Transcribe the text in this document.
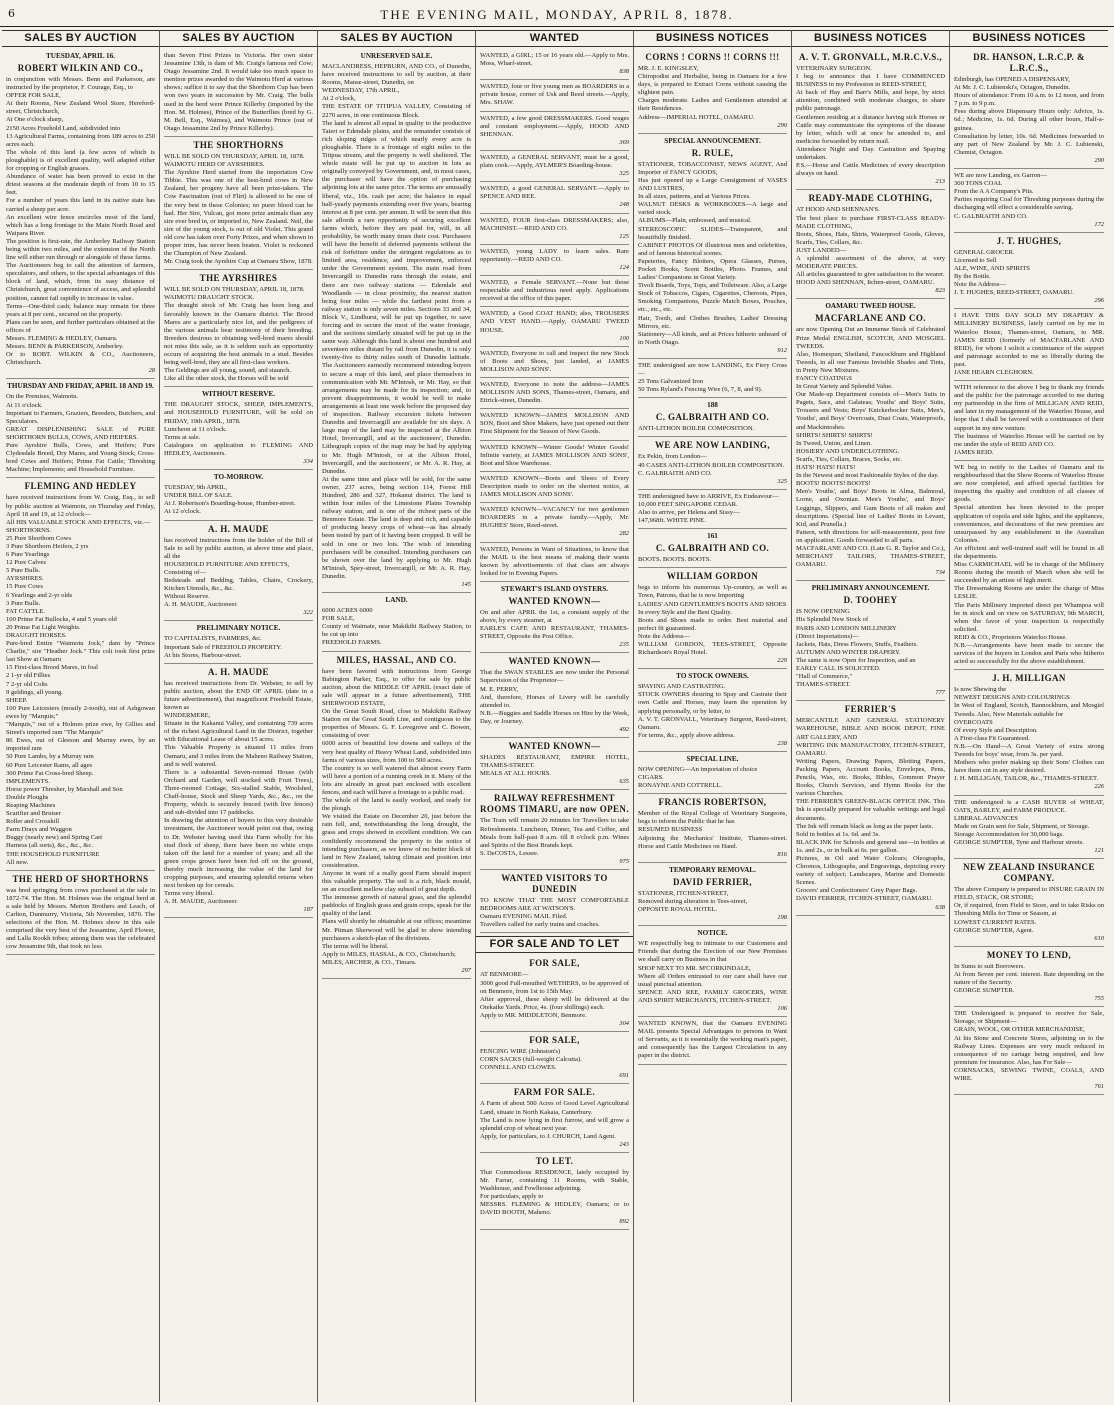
6	THE EVENING MAIL, MONDAY, APRIL 8, 1878.
SALES BY AUCTION
TUESDAY, APRIL 16.
ROBERT WILKIN AND CO.,
in conjunction with Messrs. Benn and Parkerson, are instructed by the proprietor, F. Courage, Esq., to
OFFER FOR SALE,
At their Rooms, New Zealand Wool Store, Hereford-street, Christchurch,
At One o'clock sharp,
2150 Acres Freehold Land, subdivided into
13 Agricultural Farms, containing from 189 acres to 250 acres each.
The whole of this land (a few acres of which is ploughable) is of excellent quality, well adapted either for cropping or English grasses.
Abundance of water has been proved to exist in the driest seasons at the moderate depth of from 10 to 15 feet.
For a number of years this land in its native state has carried a sheep per acre.
An excellent wire fence encircles most of the land, which has a long frontage to the Main North Road and Waipara River.
The position is first-rate, the Amberley Railway Station being within two miles, and the extension of the North line will either run through or alongside of these farms.
The Auctioneers beg to call the attention of farmers, speculators, and others, to the special advantages of this block of land, which, from its easy distance of Christchurch, great convenience of access, and splendid position, cannot fail rapidly to increase in value.
Terms—One-third cash; balance may remain for three years at 8 per cent., secured on the property.
Plans can be seen, and further particulars obtained at the offices of
Messrs. FLEMING & HEDLEY, Oamaru.
Messrs. BENN & PARKERSON, Amberley.
Or to ROBT. WILKIN & CO., Auctioneers, Christchurch.
28
THURSDAY AND FRIDAY, APRIL 18 AND 19.
On the Premises, Waimotu.
At 11 o'clock.
Important to Farmers, Graziers, Breeders, Butchers, and Speculators.
GREAT DISPLENISHING SALE of PURE SHORTHORN BULLS, COWS, AND HEIFERS.
Pure Ayrshire Bulls, Cows, and Heifers; Pure Clydesdale Breed, Dry Mares, and Young Stock; Cross-bred Cows and Heifers; Prime Fat Cattle; Threshing Machine; Implements; and Household Furniture.
FLEMING AND HEDLEY
have received instructions from W. Craig, Esq., to sell by public auction at Waimotu, on Thursday and Friday, April 18 and 19, at 12 o'clock—
All HIS VALUABLE STOCK AND EFFECTS, viz.—
SHORTHORNS.
25 Pure Shorthorn Cows
3 Pure Shorthorn Heifers, 2 yrs
6 Pure Yearlings
12 Pure Calves
5 Pure Bulls.
AYRSHIRES.
15 Pure Cows
6 Yearlings and 2-yr olds
3 Pure Bulls.
FAT CATTLE.
100 Prime Fat Bullocks, 4 and 5 years old
20 Prime Fat Light Weights.
DRAUGHT HORSES.
Pure-bred Entire "Waimotu Jock," dam by "Prince Charlie," sire "Heather Jock." This colt took first prize last Show at Oamaru
15 First-class Brood Mares, in foal
2 1-yr old Fillies
7 2-yr old Colts
9 geldings, all young.
SHEEP.
100 Pure Leicesters (mostly 2-tooth), out of Ashgowan ewes by "Marquis;"
"Marquis," out of a Holmes prize ewe, by Gillies and Street's imported ram "The Marquis"
86 Ewes, out of Gleeson and Murray ewes, by an imported ram
50 Pure Lambs, by a Murray ram
60 Pure Leicester Rams, all ages
300 Prime Fat Cross-bred Sheep.
IMPLEMENTS.
Horse power Thresher, by Marshall and Son
Double Ploughs
Reaping Machines
Scarifier and Bruiser
Roller and Crosskill
Farm Drays and Waggon
Buggy (nearly new) and Spring Cart
Harness (all sorts), &c., &c., &c.
THE HOUSEHOLD FURNITURE
All new.
THE HERD OF SHORTHORNS
was bred springing from cows purchased at the sale in 1872-74. The Hon. M. Holmes was the original herd at a sale held by Messrs. Merton Brothers and Leach, of Carlton, Dunmurry, Victoria, 5th November, 1870. The selections of the Hon. M. Holmes show in this sale comprised the very best of the Jessamine, April Flower, and Lalla Rookh tribes; among them was the celebrated cow Jessamine 9th, that took no less
SALES BY AUCTION
than Seven First Prizes in Victoria. Her own sister Jessamine 13th, is dam of Mr. Craig's famous red Cow; Otago Jessamine 2nd. It would take too much space to mention prizes awarded to the Waimotu Herd at various shows; suffice it to say that the Shorthorn Cup has been won two years in succession by Mr. Craig. The bulls used in the herd were Prince Killerby (imported by the Hon. M. Holmes), Prince of the Butterflies (bred by G. M. Bell, Esq., Waimea), and Waimotu Prince (out of Otago Jessamine 2nd by Prince Killerby).
THE SHORTHORNS
WILL BE SOLD ON THURSDAY, APRIL 18, 1878.
WAIMOTU HERD OF AYRSHIRES.
The Ayrshire Herd started from the importation Cow Tibbie. This was one of the best-bred cows in New Zealand, her progeny have all been prize-takers. The Cow Fascination (out of Flirt) is allowed to be one of the very best in these Colonies; no purer blood can be had. Her Sire, Vulcan, got more prize animals than any sire ever bred in, or imported to, New Zealand. Neil, the sire of the young stock, is out of old Violet. This grand old cow has taken over Forty Prizes, and when shown in proper trim, has never been beaten. Violet is reckoned the Champion of New Zealand.
Mr. Craig took the Ayrshire Cup at Oamaru Show, 1878.
THE AYRSHIRES
WILL BE SOLD ON THURSDAY, APRIL 18, 1878.
WAIMOTU DRAUGHT STOCK.
The draught stock of Mr. Craig has been long and favorably known in the Oamaru district. The Brood Mares are a particularly nice lot, and the pedigrees of the various animals bear testimony of their breeding. Breeders desirous to obtaining well-bred mares should not miss this sale, as it is seldom such an opportunity occurs of acquiring the best animals in a stud. Besides being well-bred, they are all first-class workers.
The Geldings are all young, sound, and staunch.
Like all the other stock, the Horses will be sold
WITHOUT RESERVE.
THE DRAUGHT STOCK, SHEEP, IMPLEMENTS, and HOUSEHOLD FURNITURE, will be sold on FRIDAY, 19th APRIL, 1878.
Luncheon at 11 o'clock.
Terms at sale.
Catalogues on application to FLEMING AND HEDLEY, Auctioneers.
334
TO-MORROW.
TUESDAY, 9th APRIL,
UNDER BILL OF SALE.
At J. Robertson's Boarding-house, Humber-street.
At 12 o'clock.
A. H. MAUDE
has received instructions from the holder of the Bill of Sale to sell by public auction, at above time and place, all the
HOUSEHOLD FURNITURE AND EFFECTS,
Consisting of—
Bedsteads and Bedding, Tables, Chairs, Crockery, Kitchen Utensils, &c., &c.
Without Reserve.
A. H. MAUDE, Auctioneer.
322
PRELIMINARY NOTICE.
TO CAPITALISTS, FARMERS, &c.
Important Sale of FREEHOLD PROPERTY.
At his Stores, Harbour-street.
A. H. MAUDE
has received instructions from Dr. Webster, to sell by public auction, about the END OF APRIL (date in a future advertisement), that magnificent Freehold Estate, known as
WINDERMERE,
Situate in the Kakanui Valley, and containing 739 acres of the richest Agricultural Land in the District, together with Educational Lease of about 15 acres.
This Valuable Property is situated 11 miles from Oamaru, and 3 miles from the Maheno Railway Station, and is well watered.
There is a substantial Seven-roomed House (with Orchard and Garden, well stocked with Fruit Trees), Three-roomed Cottage, Six-stalled Stable, Woolshed, Chaff-house, Stock and Sheep Yards, &c., &c., on the Property, which is securely fenced (with live fences) and sub-divided into 17 paddocks.
In drawing the attention of buyers to this very desirable investment, the Auctioneer would point out that, owing to Dr. Webster having used this Farm wholly for his stud flock of sheep, there have been no white crops taken off the land for a number of years; and all the green crops grown have been fed off on the ground, thereby much increasing the value of the land for cropping purposes, and ensuring splendid returns when next broken up for cereals.
Terms very liberal.
A. H. MAUDE, Auctioneer.
187
SALES BY AUCTION
UNRESERVED SALE.
MACLANDRESS, HEPBURN, AND CO., of Dunedin, have received instructions to sell by auction, at their Rooms, Manse-street, Dunedin, on
WEDNESDAY, 17th APRIL,
At 2 o'clock,
THE ESTATE OF TITIPUA VALLEY, Consisting of 2270 acres, in one continuous Block.
The land is almost all equal in quality to the productive Taieri or Edendale plains, and the remainder consists of rich sloping ridges of which nearly every acre is ploughable. There is a frontage of eight miles to the Titipua stream, and the property is well sheltered. The whole estate will be put up to auction in lots as originally conveyed by Government, and, in most cases, the purchaser will have the option of purchasing adjoining lots at the same price. The terms are unusually liberal, viz., 10s. cash per acre; the balance in equal half-yearly payments extending over five years, bearing interest at 8 per cent. per annum. It will be seen that this sale affords a rare opportunity of securing excellent farms which, before they are paid for, will, in all probability, be worth many times their cost. Purchasers will have the benefit of deferred payments without the risk of forfeiture under the stringent regulations as to limited area, residence, and improvement, enforced under the Government system. The main road from Invercargill to Dunedin runs through the estate, and there are two railway stations — Edendale and Woodlands — in close proximity, the nearest station being four miles — while the farthest point from a railway station is only seven miles. Sections 33 and 34, Block V., Lindhurst, will be put up together, to save forcing and to secure the most of the water frontage, and the sections similarly situated will be put up in the same way. Although this land is about one hundred and seventeen miles distant by rail from Dunedin, it is only twenty-five to thirty miles south of Dunedin latitude. The Auctioneers earnestly recommend intending buyers to secure a map of this land, and place themselves in communication with Mr. M'Intosh, or Mr. Hay, so that arrangements may be made for its inspection; and, to prevent disappointments, it would be well to make arrangements at least one week before the proposed day of inspection. Railway excursion tickets between Dunedin and Invercargill are available for six days. A large map of the land may be inspected at the Albion Hotel, Invercargill, and at the auctioneers', Dunedin. Lithograph copies of the map may be had by applying to Mr. Hugh M'Intosh, or at the Albion Hotel, Invercargill, and the auctioneers', or Mr. A. R. Hay, at Dunedin.
At the same time and place will be sold, for the same owner, 237 acres, being section 114, Forest Hill Hundred, 286 and 327, Hokanui district. The land is within four miles of the Limestone Plains Township railway station, and is one of the richest parts of the Benmore Estate. The land is deep and rich, and capable of producing heavy crops of wheat—as has already been tested by part of it having been cropped. It will be sold in one or two lots. The wish of intending purchasers will be consulted. Intending purchasers can be shown over the land by applying to Mr. Hugh M'Intosh, Spey-street, Invercargill, or Mr. A. R. Hay, Dunedin.
145
LAND.
6000 ACRES 6000
FOR SALE,
County of Waimate, near Makikihi Railway Station, to be cut up into
FREEHOLD FARMS.
MILES, HASSAL, AND CO.
have been favored with instructions from George Babington Parker, Esq., to offer for sale by public auction, about the MIDDLE OF APRIL (exact date of sale will appear in a future advertisement), THE SHERWOOD ESTATE,
On the Great South Road, close to Makikihi Railway Station on the Great South Line, and contiguous to the properties of Messrs. G. F. Lovegrove and C. Bowen, consisting of over
6000 acres of beautiful low downs and valleys of the very best quality of Heavy Wheat Land, subdivided into farms of various sizes, from 100 to 500 acres.
The country is so well watered that almost every Farm will have a portion of a running creek in it. Many of the lots are already in great part enclosed with excellent fences, and each will have a frontage to a public road.
The whole of the land is easily worked, and ready for the plough.
We visited the Estate on December 20, just before the rain fell, and, notwithstanding the long drought, the grass and crops showed in excellent condition. We can confidently recommend the property to the notice of intending purchasers, as we know of no better block of land in New Zealand, taking climate and position into consideration.
Anyone in want of a really good Farm should inspect this valuable property. The soil is a rich, black mould, on an excellent mellow clay subsoil of great depth.
The immense growth of natural grass, and the splendid paddocks of English grass and grain crops, speak for the quality of the land.
Plans will shortly be obtainable at our offices; meantime Mr. Pitman Sherwood will be glad to show intending purchasers a sketch-plan of the divisions.
The terms will be liberal.
Apply to MILES, HASSAL, & CO., Christchurch;
MILES, ARCHER, & CO., Timaru.
297
WANTED
WANTED, a GIRL; 15 or 16 years old.—Apply to Mrs. Moss, Wharf-street.
838
WANTED, four or five young men as BOARDERS in a private house, corner of Usk and Reed streets.—Apply, Mrs. SHAW.
WANTED, a few good DRESSMAKERS. Good wages and constant employment.—Apply, HOOD AND SHENNAN.
369
WANTED, a GENERAL SERVANT; must be a good, plain cook.—Apply, AYLMER'S Boarding-house.
325
WANTED, a good GENERAL SERVANT.—Apply to SPENCE AND REE.
248
WANTED, FOUR first-class DRESSMAKERS; also, MACHINIST.—REID AND CO.
125
WANTED, young LADY to learn sales. Rare opportunity.—REID AND CO.
124
WANTED, a Female SERVANT.—None but those respectable and industrious need apply. Applications received at the office of this paper.
WANTED, a Good COAT HAND; also, TROUSERS AND VEST HAND.—Apply, OAMARU TWEED HOUSE.
100
WANTED, Everyone to call and inspect the new Stock of Boots and Shoes, just landed, at JAMES MOLLISON AND SONS'.
WANTED, Everyone to note the address—JAMES MOLLISON AND SONS, Thames-street, Oamaru, and Ettrick-street, Dunedin.
WANTED KNOWN—JAMES MOLLISON AND SON, Boot and Shoe Makers, have just opened out their First Shipment for the Season of New Goods.
WANTED KNOWN—Winter Goods! Winter Goods! Infinite variety, at JAMES MOLLISON AND SONS', Boot and Shoe Warehouse.
WANTED KNOWN—Boots and Shoes of Every Description made to order on the shortest notice, at JAMES MOLLISON AND SONS'.
WANTED KNOWN—VACANCY for two gentlemen BOARDERS in a private family.—Apply, Mr. HUGHES' Store, Reed-street.
282
WANTED, Persons in Want of Situations, to know that the MAIL is the best means of making their wants known by advertisements of that class are always looked for in Evening Papers.
STEWART'S ISLAND OYSTERS.
WANTED KNOWN—
On and after APRIL the 1st, a constant supply of the above, by every steamer, at
EARLE'S CAFE AND RESTAURANT, THAMES-STREET, Opposite the Post Office.
235
WANTED KNOWN—
That the SWAN STABLES are now under the Personal Supervision of the Proprietor—
M. E. PERRY,
And, therefore, Horses of Livery will be carefully attended to.
N.B.—Buggies and Saddle Horses on Hire by the Week, Day, or Journey.
492
WANTED KNOWN—
SHADES RESTAURANT, EMPIRE HOTEL, THAMES-STREET.
MEALS AT ALL HOURS.
635
RAILWAY REFRESHMENT ROOMS TIMARU, are now OPEN.
The Train will remain 20 minutes for Travellers to take Refreshments. Luncheon, Dinner, Tea and Coffee, and Meals from half-past 8 a.m. till 8 o'clock p.m. Wines and Spirits of the Best Brands kept.
S. DeCOSTA, Lessee.
975
WANTED VISITORS TO DUNEDIN
TO KNOW THAT THE MOST COMFORTABLE BEDROOMS ARE AT WATSON'S.
Oamaru EVENING MAIL Filed.
Travellers called for early trains and coaches.
FOR SALE AND TO LET
FOR SALE,
AT BENMORE—
3000 good Full-mouthed WETHERS, to be approved of on Benmore, from 1st to 15th May.
After approval, these sheep will be delivered at the Otekaike Yards. Price, 4s. (four shillings) each.
Apply to MR. MIDDLETON, Benmore.
304
FOR SALE,
FENCING WIRE (Johnston's)
CORN SACKS (full-weight Calcutta).
CONNELL AND CLOWES.
691
FARM FOR SALE.
A Farm of about 500 Acres of Good Level Agricultural Land, situate in North Kakaia, Canterbury.
The Land is now lying in first furrow, and will grow a splendid crop of wheat next year.
Apply, for particulars, to J. CHURCH, Land Agent.
243
TO LET.
That Commodious RESIDENCE, lately occupied by Mr. Farrar, containing 11 Rooms, with Stable, Washhouse, and Fowlhouse adjoining.
For particulars, apply to
MESSRS. FLEMING & HEDLEY, Oamaru; or to DAVID BOOTH, Maheno.
892
BUSINESS NOTICES
CORNS ! CORNS !! CORNS !!!
MR. J. E. KINGSLEY,
Chiropodist and Herbalist, being in Oamaru for a few days, is prepared to Extract Corns without causing the slightest pain.
Charges moderate. Ladies and Gentlemen attended at their Residences.
Address—IMPERIAL HOTEL, OAMARU.
290
SPECIAL ANNOUNCEMENT.
R. RULE,
STATIONER, TOBACCONIST, NEWS AGENT, And Importer of FANCY GOODS,
Has just opened up a Large Consignment of VASES AND LUSTRES,
In all sizes, patterns, and at Various Prices.
WALNUT DESKS & WORKBOXES—A large and varied stock.
ALBUMS—Plain, embossed, and musical.
STEREOSCOPIC SLIDES—Transparent, and beautifully finished.
CABINET PHOTOS Of illustrious men and celebrities, and of famous historical scenes.
Papeteries, Fancy Blotters, Opera Glasses, Purses, Pocket Books, Scent Bottles, Photo. Frames, and Ladies' Companions in Great Variety.
Tivoli Boards, Toys, Tops, and Toiletware. Also, a Large Stock of Tobaccos, Cigars, Cigarettes, Cheroots, Pipes, Smoking Companions, Puzzle Match Boxes, Pouches, etc., etc., etc.
Hair, Tooth, and Clothes Brushes, Ladies' Dressing Mirrors, etc.
Stationery—All kinds, and at Prices hitherto unheard of in North Otago.
912
THE undersigned are now LANDING, Ex Fiery Cross—
25 Tons Galvanized Iron
50 Tons Ryland's Fencing Wire (6, 7, 8, and 9).
188
C. GALBRAITH AND CO.
ANTI-LITHON BOILER COMPOSITION.
WE ARE NOW LANDING,
Ex Pekin, from London—
49 CASES ANTI-LITHON BOILER COMPOSITION.
C. GALBRAITH AND CO.
325
THE undersigned have to ARRIVE, Ex Endeavour—
10,000 FEET SINGAPORE CEDAR.
Also to arrive, per Helena and Sissy—
147,968ft. WHITE PINE.
161
C. GALBRAITH AND CO.
BOOTS. BOOTS. BOOTS.
WILLIAM GORDON
begs to inform his numerous Up-country, as well as Town, Patrons, that he is now Importing
LADIES' AND GENTLEMEN'S BOOTS AND SHOES
In every Style and the Best Quality.
Boots and Shoes made to order. Best material and perfect fit guaranteed.
Note the Address—
WILLIAM GORDON, TEES-STREET, Opposite Richardson's Royal Hotel.
229
TO STOCK OWNERS.
SPAYING AND CASTRATING.
STOCK OWNERS desiring to Spay and Castrate their own Cattle and Horses, may learn the operation by applying personally, or by letter, to
A. V. T. GRONVALL, Veterinary Surgeon, Reed-street, Oamaru.
For terms, &c., apply above address.
238
SPECIAL LINE.
NOW OPENING—An importation of choice
CIGARS.
RONAYNE AND COTTRELL.
FRANCIS ROBERTSON,
Member of the Royal College of Veterinary Surgeons, begs to inform the Public that he has
RESUMED BUSINESS
Adjoining the Mechanics' Institute, Thames-street. Horse and Cattle Medicines on Hand.
816
TEMPORARY REMOVAL.
DAVID FERRIER,
STATIONER, ITCHEN-STREET,
Removed during alteration to Tees-street,
OPPOSITE ROYAL HOTEL.
198
NOTICE.
WE respectfully beg to intimate to our Customers and Friends that during the Erection of our New Premises we shall carry on Business in that
SHOP NEXT TO MR. M'CORKINDALE,
Where all Orders entrusted to our care shall have our usual punctual attention.
SPENCE AND REE, FAMILY GROCERS, WINE AND SPIRIT MERCHANTS, ITCHEN-STREET.
106
WANTED KNOWN, that the Oamaru EVENING MAIL presents Special Advantages to persons in Want of Servants, as it is essentially the working man's paper, and consequently has the Largest Circulation in any paper in the district.
BUSINESS NOTICES
A. V. T. GRONVALL, M.R.C.V.S.,
VETERINARY SURGEON.
I beg to announce that I have COMMENCED BUSINESS in my Profession in REED-STREET,
At back of Hay and Barr's Mills, and hope, by strict attention, combined with moderate charges, to share public patronage.
Gentlemen residing at a distance having sick Horses or Cattle may communicate the symptoms of the disease by letter, which will at once be attended to, and medicine forwarded by return mail.
Attendance Night and Day. Castration and Spaying undertaken.
P.S.—Horse and Cattle Medicines of every description always on hand.
213
READY-MADE CLOTHING,
AT HOOD AND SHENNAN'S.
The best place to purchase FIRST-CLASS READY-MADE CLOTHING,
Boots, Shoes, Hats, Shirts, Waterproof Goods, Gloves, Scarfs, Ties, Collars, &c.
JUST LANDED—
A splendid assortment of the above, at very MODERATE PRICES.
All articles guaranteed to give satisfaction to the wearer.
HOOD AND SHENNAN, Itchen-street, OAMARU.
823
OAMARU TWEED HOUSE.
MACFARLANE AND CO.
are now Opening Out an Immense Stock of Celebrated Prize Medal ENGLISH, SCOTCH, AND MOSGIEL TWEEDS.
Also, Homespun, Shetland, Fancockburn and Highland Tweeds, in all our Famous Invisible Shades and Tints, in Pretty New Mixtures.
FANCY COATINGS
In Great Variety and Splendid Value.
Our Made-up Department consists of—Men's Suits in Pagets, Sacs, and Galateas; Youths' and Boys' Suits, Trousers and Vests; Boys' Knickerbocker Suits, Men's, Youths', and Boys' Overcoats, Dust Coats, Waterproofs, and Mackintoshes.
SHIRTS! SHIRTS! SHIRTS!
In Tweed, Union, and Linen.
HOSIERY AND UNDERCLOTHING.
Scarfs, Ties, Collars, Braces, Socks, etc.
HATS! HATS! HATS!
In the Newest and most Fashionable Styles of the day.
BOOTS! BOOTS! BOOTS!
Men's Youths', and Boys' Boots in Alma, Balmoral, Lorne, and Oxonian. Men's Youths', and Boys' Leggings, Slippers, and Gum Boots of all makes and descriptions. (Special line of Ladies' Boots in Levant, Kid, and Prunella.)
Pattern, with directions for self-measurement, post free on application. Goods forwarded to all parts.
MACFARLANE AND CO. (Late G. R. Taylor and Co.), MERCHANT TAILORS, THAMES-STREET, OAMARU.
734
PRELIMINARY ANNOUNCEMENT.
D. TOOHEY
IS NOW OPENING
His Splendid New Stock of
PARIS AND LONDON MILLINERY
(Direct Importations)—
Jackets, Hats, Dress Flowers, Stuffs, Feathers.
AUTUMN AND WINTER DRAPERY.
The same is now Open for Inspection, and an
EARLY CALL IS SOLICITED.
"Hall of Commerce,"
THAMES-STREET.
777
FERRIER'S
MERCANTILE AND GENERAL STATIONERY WAREHOUSE, BIBLE AND BOOK DEPOT, FINE ART GALLERY, AND
WRITING INK MANUFACTORY, ITCHEN-STREET, OAMARU.
Writing Papers, Drawing Papers, Blotting Papers, Packing Papers, Account Books, Envelopes, Pens, Pencils, Wax, etc. Books, Bibles, Common Prayer Books, Church Services, and Hymn Books for the various Churches.
THE FERRIER'S GREEN-BLACK OFFICE INK. This Ink is specially prepared for valuable writings and legal documents.
The Ink will remain black as long as the paper lasts.
Sold in bottles at 1s. 6d. and 3s.
BLACK INK for Schools and general use—in bottles at 1s. and 2s., or in bulk at 6s. per gallon.
Pictures, in Oil and Water Colours; Oleographs, Chromos, Lithographs, and Engravings, depicting every variety of subject; Landscapes, Marine and Domestic Scenes.
Grocers' and Confectioners' Grey Paper Bags.
DAVID FERRIER, ITCHEN-STREET, OAMARU.
638
BUSINESS NOTICES
DR. HANSON, L.R.C.P. & L.R.C.S.,
Edinburgh, has OPENED A DISPENSARY,
At Mr. J. C. Lubienski's, Octagon, Dunedin.
Hours of attendance: From 10 a.m. to 12 noon, and from 7 p.m. to 9 p.m.
Fees during above Dispensary Hours only: Advice, 1s. 6d.; Medicine, 1s. 6d. During all other hours, Half-a-guinea.
Consultation by letter, 10s. 6d. Medicines forwarded to any part of New Zealand by Mr. J. C. Lubienski, Chemist, Octagon.
290
WE are now Landing, ex Garron—
300 TONS COAL
From the A A Company's Pits.
Parties requiring Coal for Threshing purposes during the discharging will effect a considerable saving.
C. GALBRAITH AND CO.
172
J. T. HUGHES,
GENERAL GROCER.
Licensed to Sell
ALE, WINE, AND SPIRITS
By the Bottle.
Note the Address—
J. T. HUGHES, REED-STREET, OAMARU.
296
I HAVE THIS DAY SOLD MY DRAPERY & MILLINERY BUSINESS, lately carried on by me in Waterloo House, Thames-street, Oamaru, to MR. JAMES REID (formerly of MACFARLANE AND REID), for whom I solicit a continuance of the support and patronage accorded to me so liberally during the past.
JANE HEARN CLEGHORN.
WITH reference to the above I beg to thank my friends and the public for the patronage accorded to me during my partnership in the firm of MILLIGAN AND REID, and later in my management of the Waterloo House, and hope that I shall be favored with a continuance of their support in my new venture.
The business of Waterloo House will be carried on by me under the style of REID AND CO.
JAMES REID.
WE beg to notify to the Ladies of Oamaru and its neighbourhood that the Show Rooms of Waterloo House are now completed, and afford special facilities for inspecting the quality and condition of all classes of goods.
Special attention has been devoted to the proper application of copola and side lights, and the appliances, conveniences, and decorations of the new premises are unsurpassed by any establishment in the Australian Colonies.
An efficient and well-trained staff will be found in all the departments.
Miss CARMICHAEL will be in charge of the Millinery Rooms during the month of March when she will be succeeded by an artiste of high merit.
The Dressmaking Rooms are under the charge of Miss LESLIE.
The Paris Millinery imported direct per Whampoa will be in stock and on view on SATURDAY, 9th MARCH, when the favor of your inspection is respectfully solicited.
REID & CO., Proprietors Waterloo House.
N.B.—Arrangements have been made to secure the services of the buyers in London and Paris who hitherto acted so successfully for the above establishment.
J. H. MILLIGAN
Is now Shewing the
NEWEST DESIGNS AND COLOURINGS
In West of England, Scotch, Bannockburn, and Mosgiel Tweeds. Also, New Materials suitable for
OVERCOATS
Of every Style and Description.
A First-class Fit Guaranteed.
N.B.—On Hand—A Great Variety of extra strong Tweeds for boys' wear, from 3s. per yard.
Mothers who prefer making up their Sons' Clothes can have them cut in any style desired.
J. H. MILLIGAN, TAILOR, &c., THAMES-STREET.
226
THE undersigned is a CASH BUYER of WHEAT, OATS, BARLEY, and FARM PRODUCE.
LIBERAL ADVANCES
Made on Grain sent for Sale, Shipment, or Storage.
Storage Accommodation for 30,000 bags.
GEORGE SUMPTER, Tyne and Harbour streets.
121
NEW ZEALAND INSURANCE COMPANY.
The above Company is prepared to INSURE GRAIN IN FIELD, STACK, OR STORE;
Or, if required, from Field to Store, and to take Risks on Threshing Mills for Time or Season, at
LOWEST CURRENT RATES.
GEORGE SUMPTER, Agent.
610
MONEY TO LEND,
In Sums to suit Borrowers.
At from Seven per cent. interest. Rate depending on the nature of the Security.
GEORGE SUMPTER.
755
THE Undersigned is prepared to receive for Sale, Storage, or Shipment—
GRAIN, WOOL, OR OTHER MERCHANDISE,
At his Stone and Concrete Stores, adjoining on to the Railway Lines. Expenses are very much reduced in consequence of no cartage being required, and low premium for insurance. Also, has For Sale—
CORNSACKS, SEWING TWINE, COALS, AND WIRE.
761
